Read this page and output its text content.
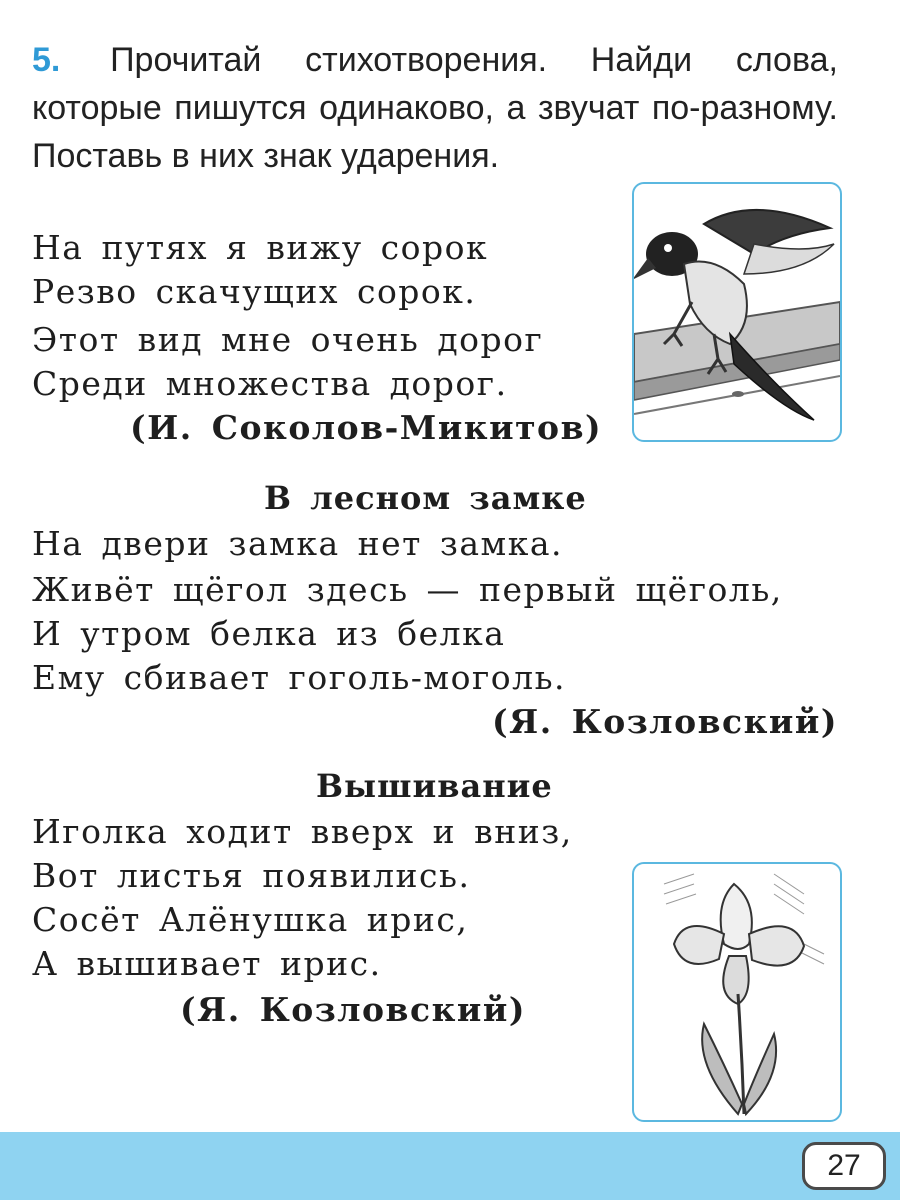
5. Прочитай стихотворения. Найди слова, которые пишутся одинаково, а звучат по-разному. Поставь в них знак ударения.
На путях я вижу сорок
Резво скачущих сорок.
Этот вид мне очень дорог
Среди множества дорог.
(И. Соколов-Микитов)
В лесном замке
На двери замка нет замка.
Живёт щёгол здесь — первый щёголь,
И утром белка из белка
Ему сбивает гоголь-моголь.
(Я. Козловский)
Вышивание
Иголка ходит вверх и вниз,
Вот листья появились.
Сосёт Алёнушка ирис,
А вышивает ирис.
(Я. Козловский)
27
